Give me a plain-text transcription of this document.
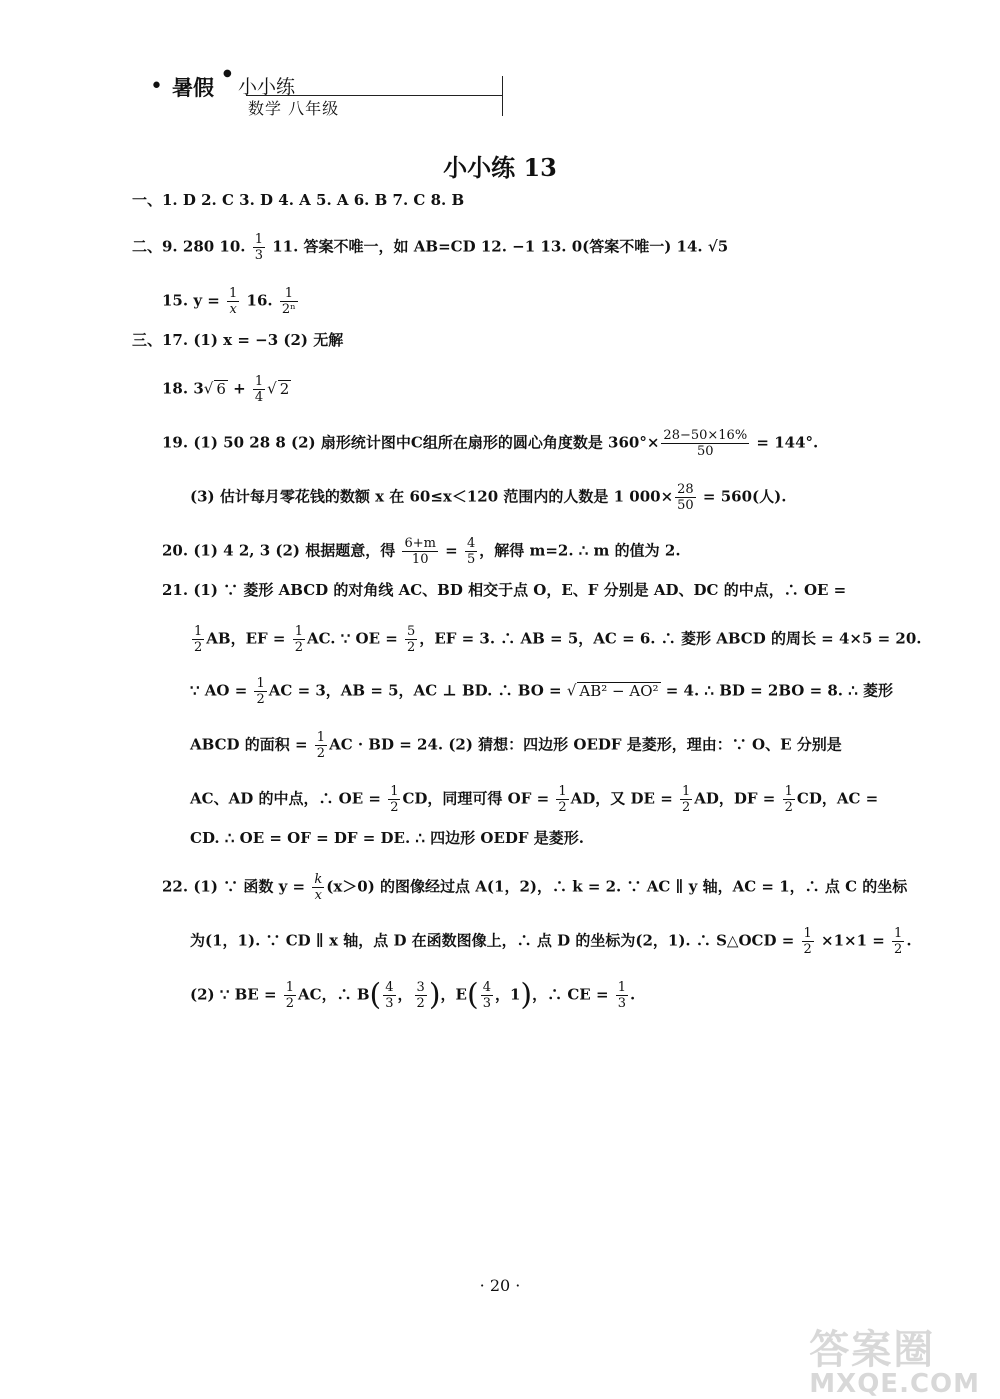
• 暑假
●
小小练
数学 八年级
小小练 13
一、1. D 2. C 3. D 4. A 5. A 6. B 7. C 8. B
二、9. 280 10. $\frac{1}{3} 11$. 答案不唯一，如 AB=CD 12. −1 13. 0(答案不唯一) 14. √5
15. $y = \frac{1}{x} 16$. $\frac{1}{\text{2ⁿ}}$
三、17. (1) x = −3 (2) 无解
18. 3√ $6 + \frac{1}{4}$ √ 2
19. (1) 50 28 8 (2) 扇形统计图中C组所在扇形的圆心角度数是 $360^\circ\times \frac{28-50\times 16\%}{50} = 144^\circ$.
(3) 估计每月零花钱的数额 x 在 60≤x＜120 范围内的人数是 1 $000\times \frac{28}{50} = 560$(人).
20. (1) 4 2, 3 (2) 根据题意，得 $\frac{6+m}{10} = \frac{4}{5}$ ，解得 m=2. ∴ m 的值为 2.
21. (1) ∵ 菱形 ABCD 的对角线 AC、BD 相交于点 O，E、F 分别是 AD、DC 的中点，∴ OE =
$\frac{1}{2}$ AB，EF = $\frac{1}{2}$ AC. ∵ OE = $\frac{5}{2}$ ，EF = 3. ∴ AB = 5，AC = 6. ∴ 菱形 ABCD 的周长 = 4×5 = 20.
∵ AO = $\frac{1}{2}$ AC = 3，AB = 5，AC ⊥ BD. ∴ BO = √ AB² − AO² = 4. ∴ BD = 2BO = 8. ∴ 菱形
ABCD 的面积 = $\frac{1}{2}$ AC · BD = 24. (2) 猜想：四边形 OEDF 是菱形，理由：∵ O、E 分别是
AC、AD 的中点，∴ OE = $\frac{1}{2}$ CD，同理可得 OF = $\frac{1}{2}$ AD，又 DE = $\frac{1}{2}$ AD，DF = $\frac{1}{2}$ CD，AC =
CD. ∴ OE = OF = DF = DE. ∴ 四边形 OEDF 是菱形.
22. (1) ∵ 函数 $y = \frac{k}{x} (x>0)$ 的图像经过点 A(1，2)，∴ k = 2. ∵ AC ∥ y 轴，AC = 1，∴ 点 C 的坐标
为(1，1). ∵ CD ∥ x 轴，点 D 在函数图像上，∴ 点 D 的坐标为(2，1). ∴ S△OCD = $\frac{1}{2} \times 1\times 1 = \frac{1}{2}$ .
(2) ∵ BE = $\frac{1}{2}$ AC，∴ $B( \frac{4}{3}$ ， $\frac{3}{2}$ )，$E( \frac{4}{3}$ ，1)，∴ CE = $\frac{1}{3}$ .
· 20 ·
答案圈
MXQE.COM
